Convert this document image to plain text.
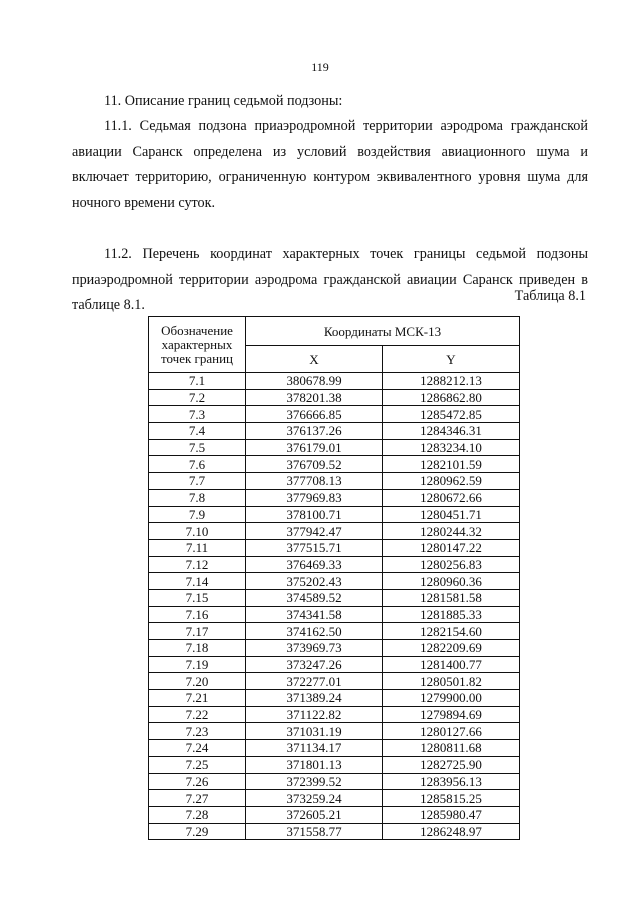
119
11. Описание границ седьмой подзоны:
11.1. Седьмая подзона приаэродромной территории аэродрома гражданской авиации Саранск определена из условий воздействия авиационного шума и включает территорию, ограниченную контуром эквивалентного уровня шума для ночного времени суток.
11.2. Перечень координат характерных точек границы седьмой подзоны приаэродромной территории аэродрома гражданской авиации Саранск приведен в таблице 8.1.
Таблица 8.1
Обозначение характерных точек границ	Координаты МСК-13	
	X	Y
7.1	380678.99	1288212.13
7.2	378201.38	1286862.80
7.3	376666.85	1285472.85
7.4	376137.26	1284346.31
7.5	376179.01	1283234.10
7.6	376709.52	1282101.59
7.7	377708.13	1280962.59
7.8	377969.83	1280672.66
7.9	378100.71	1280451.71
7.10	377942.47	1280244.32
7.11	377515.71	1280147.22
7.12	376469.33	1280256.83
7.14	375202.43	1280960.36
7.15	374589.52	1281581.58
7.16	374341.58	1281885.33
7.17	374162.50	1282154.60
7.18	373969.73	1282209.69
7.19	373247.26	1281400.77
7.20	372277.01	1280501.82
7.21	371389.24	1279900.00
7.22	371122.82	1279894.69
7.23	371031.19	1280127.66
7.24	371134.17	1280811.68
7.25	371801.13	1282725.90
7.26	372399.52	1283956.13
7.27	373259.24	1285815.25
7.28	372605.21	1285980.47
7.29	371558.77	1286248.97
